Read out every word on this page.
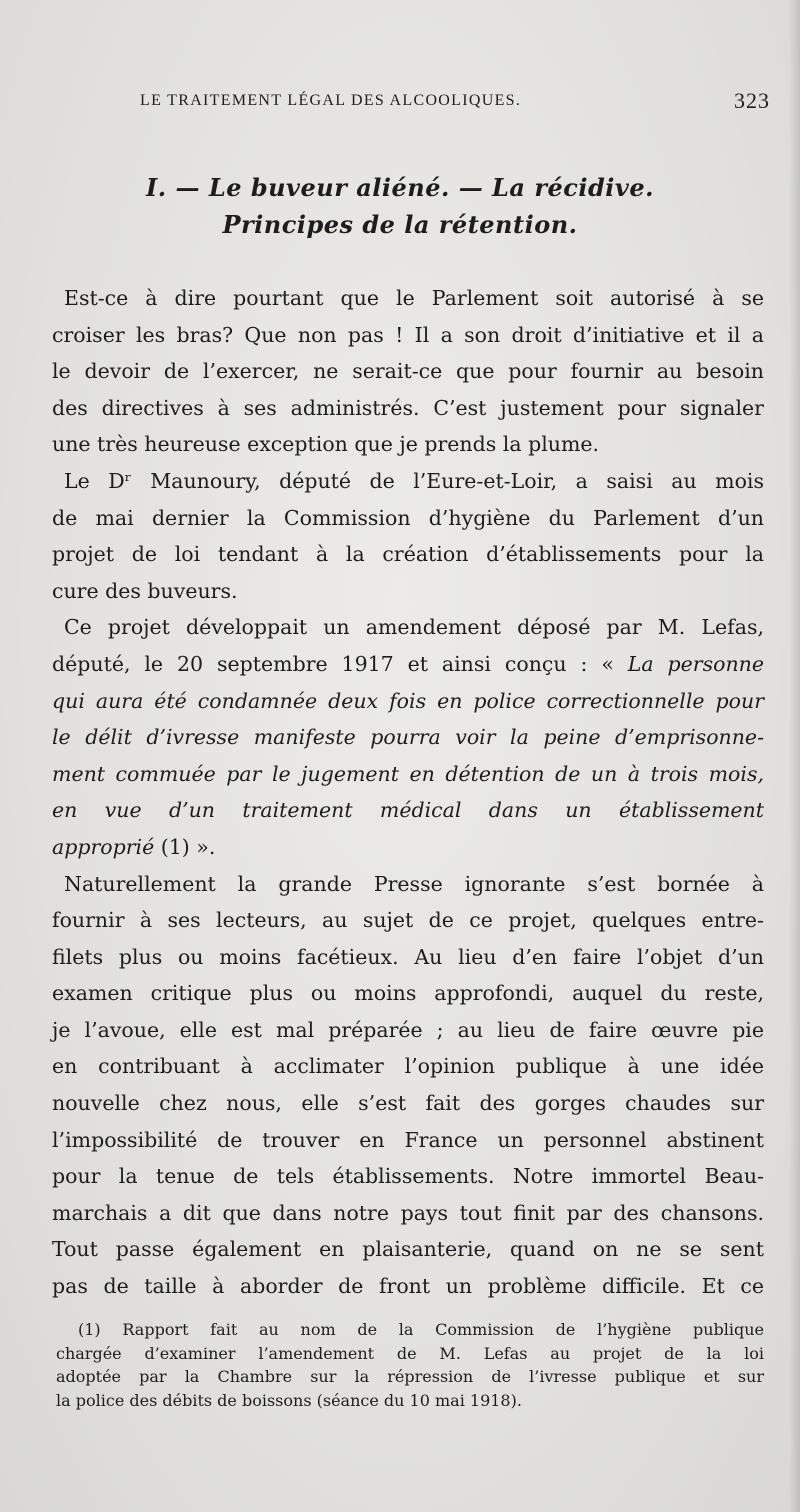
LE TRAITEMENT LÉGAL DES ALCOOLIQUES.	323
I. — Le buveur aliéné. — La récidive.
Principes de la rétention.
Est-ce à dire pourtant que le Parlement soit autorisé à se
croiser les bras? Que non pas ! Il a son droit d’initiative et il a
le devoir de l’exercer, ne serait-ce que pour fournir au besoin
des directives à ses administrés. C’est justement pour signaler
une très heureuse exception que je prends la plume.
Le Dʳ Maunoury, député de l’Eure-et-Loir, a saisi au mois
de mai dernier la Commission d’hygiène du Parlement d’un
projet de loi tendant à la création d’établissements pour la
cure des buveurs.
Ce projet développait un amendement déposé par M. Lefas,
député, le 20 septembre 1917 et ainsi conçu : « La personne
qui aura été condamnée deux fois en police correctionnelle pour
le délit d’ivresse manifeste pourra voir la peine d’emprisonne-
ment commuée par le jugement en détention de un à trois mois,
en vue d’un traitement médical dans un établissement
approprié (1) ».
Naturellement la grande Presse ignorante s’est bornée à
fournir à ses lecteurs, au sujet de ce projet, quelques entre-
filets plus ou moins facétieux. Au lieu d’en faire l’objet d’un
examen critique plus ou moins approfondi, auquel du reste,
je l’avoue, elle est mal préparée ; au lieu de faire œuvre pie
en contribuant à acclimater l’opinion publique à une idée
nouvelle chez nous, elle s’est fait des gorges chaudes sur
l’impossibilité de trouver en France un personnel abstinent
pour la tenue de tels établissements. Notre immortel Beau-
marchais a dit que dans notre pays tout finit par des chansons.
Tout passe également en plaisanterie, quand on ne se sent
pas de taille à aborder de front un problème difficile. Et ce
(1) Rapport fait au nom de la Commission de l’hygiène publique
chargée d’examiner l’amendement de M. Lefas au projet de la loi
adoptée par la Chambre sur la répression de l’ivresse publique et sur
la police des débits de boissons (séance du 10 mai 1918).
